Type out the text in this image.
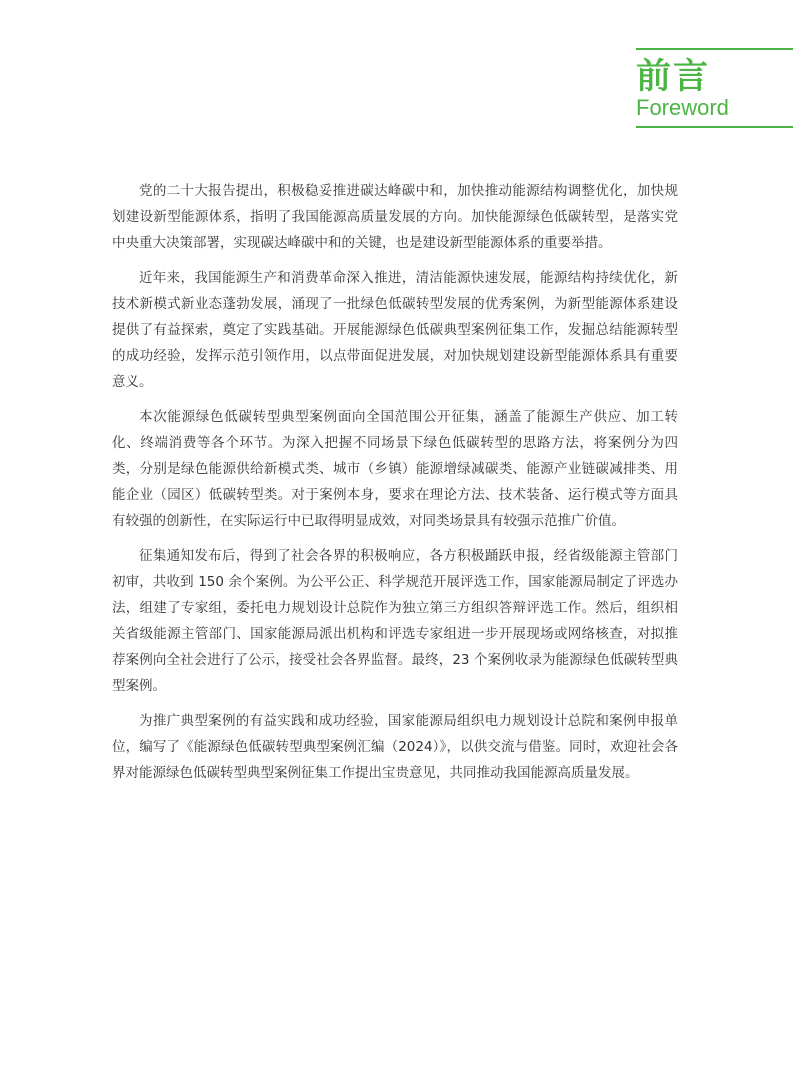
前言
Foreword

党的二十大报告提出，积极稳妥推进碳达峰碳中和，加快推动能源结构调整优化，加快规划建设新型能源体系，指明了我国能源高质量发展的方向。加快能源绿色低碳转型，是落实党中央重大决策部署，实现碳达峰碳中和的关键，也是建设新型能源体系的重要举措。

近年来，我国能源生产和消费革命深入推进，清洁能源快速发展，能源结构持续优化，新技术新模式新业态蓬勃发展，涌现了一批绿色低碳转型发展的优秀案例，为新型能源体系建设提供了有益探索，奠定了实践基础。开展能源绿色低碳典型案例征集工作，发掘总结能源转型的成功经验，发挥示范引领作用，以点带面促进发展，对加快规划建设新型能源体系具有重要意义。

本次能源绿色低碳转型典型案例面向全国范围公开征集，涵盖了能源生产供应、加工转化、终端消费等各个环节。为深入把握不同场景下绿色低碳转型的思路方法，将案例分为四类，分别是绿色能源供给新模式类、城市（乡镇）能源增绿减碳类、能源产业链碳减排类、用能企业（园区）低碳转型类。对于案例本身，要求在理论方法、技术装备、运行模式等方面具有较强的创新性，在实际运行中已取得明显成效，对同类场景具有较强示范推广价值。

征集通知发布后，得到了社会各界的积极响应，各方积极踊跃申报，经省级能源主管部门初审，共收到 150 余个案例。为公平公正、科学规范开展评选工作，国家能源局制定了评选办法，组建了专家组，委托电力规划设计总院作为独立第三方组织答辩评选工作。然后，组织相关省级能源主管部门、国家能源局派出机构和评选专家组进一步开展现场或网络核查，对拟推荐案例向全社会进行了公示，接受社会各界监督。最终，23 个案例收录为能源绿色低碳转型典型案例。

为推广典型案例的有益实践和成功经验，国家能源局组织电力规划设计总院和案例申报单位，编写了《能源绿色低碳转型典型案例汇编（2024）》，以供交流与借鉴。同时，欢迎社会各界对能源绿色低碳转型典型案例征集工作提出宝贵意见，共同推动我国能源高质量发展。
